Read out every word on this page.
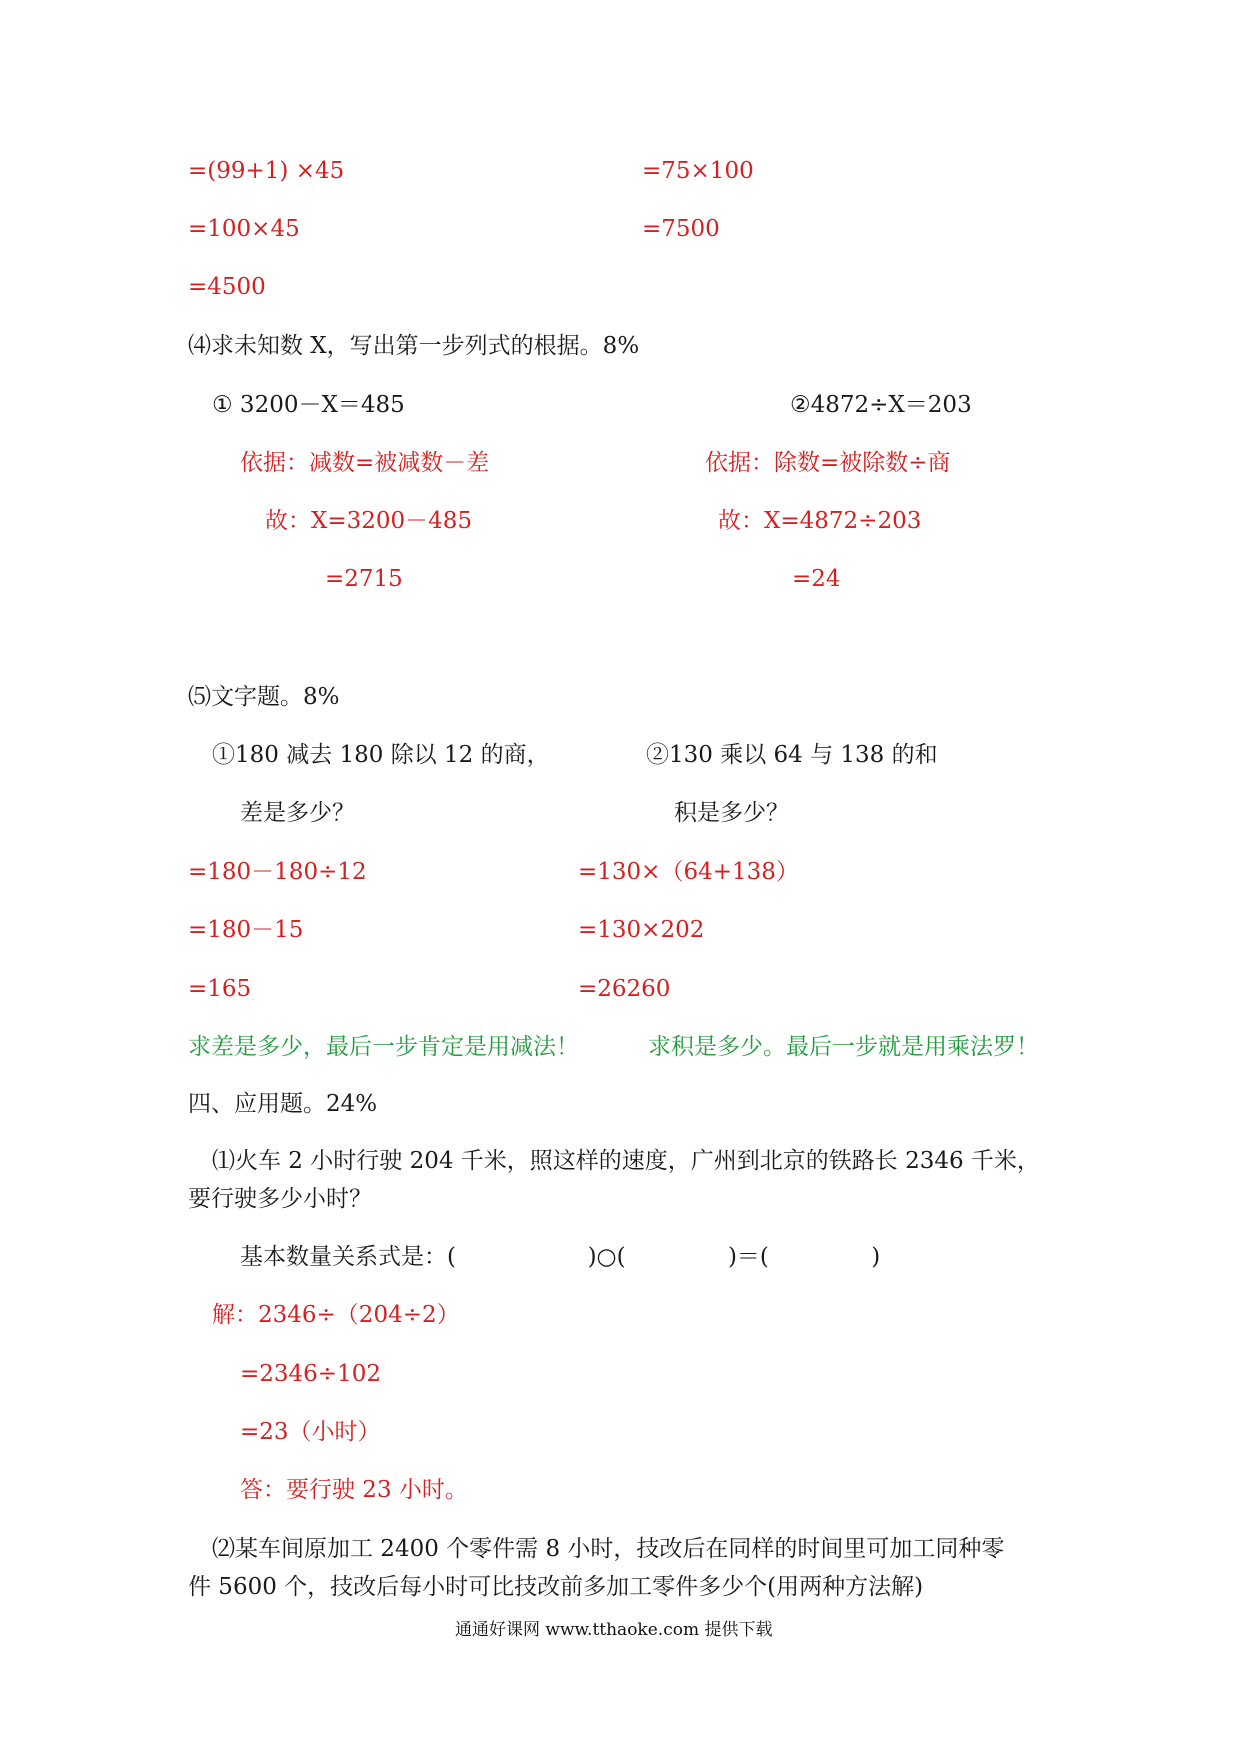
=(99+1) ×45	=75×100
=100×45	=7500
=4500
⑷求未知数 X，写出第一步列式的根据。8%
① 3200－X＝485	②4872÷X＝203
依据：减数=被减数－差	依据：除数=被除数÷商
故：X=3200－485	故：X=4872÷203
=2715	=24
⑸文字题。8%
①180 减去 180 除以 12 的商，	②130 乘以 64 与 138 的和
差是多少？	积是多少？
=180－180÷12	=130×（64+138）
=180－15	=130×202
=165	=26260
求差是多少，最后一步肯定是用减法！	求积是多少。最后一步就是用乘法罗！
四、应用题。24%
⑴火车 2 小时行驶 204 千米，照这样的速度，广州到北京的铁路长 2346 千米，
要行驶多少小时？
基本数量关系式是：(                  )○(              )＝(              )
解：2346÷（204÷2）
=2346÷102
=23（小时）
答：要行驶 23 小时。
⑵某车间原加工 2400 个零件需 8 小时，技改后在同样的时间里可加工同种零
件 5600 个，技改后每小时可比技改前多加工零件多少个(用两种方法解)
通通好课网 www.tthaoke.com 提供下载
